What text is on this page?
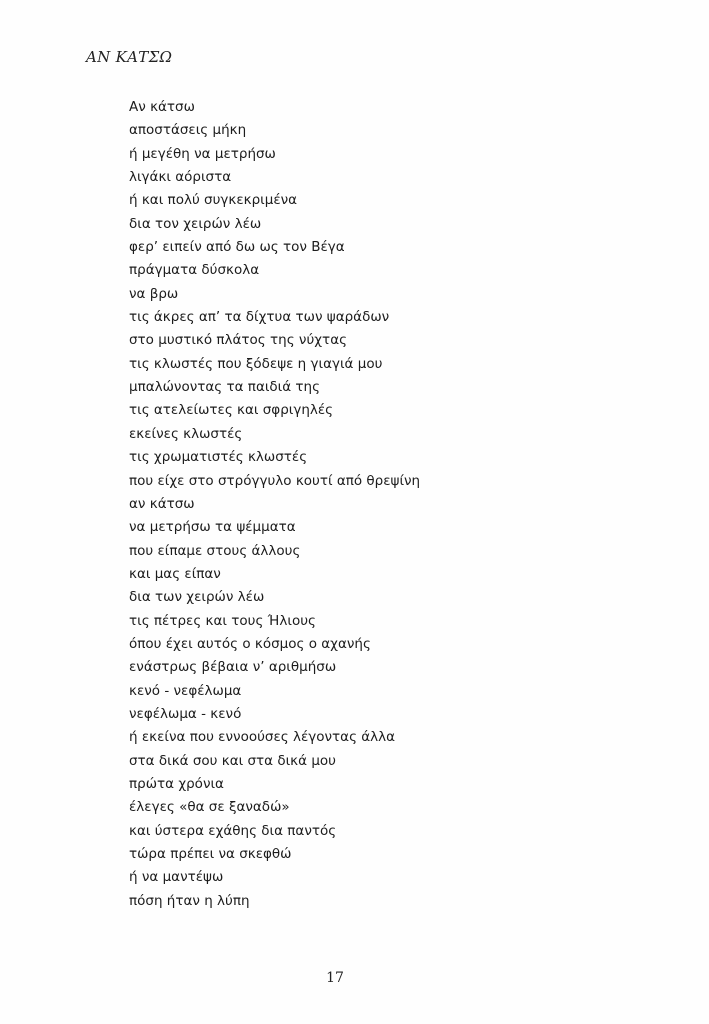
ΑΝ ΚΑΤΣΩ
Αν κάτσω
αποστάσεις μήκη
ή μεγέθη να μετρήσω
λιγάκι αόριστα
ή και πολύ συγκεκριμένα
δια τον χειρών λέω
φερ’ ειπείν από δω ως τον Βέγα
πράγματα δύσκολα
να βρω
τις άκρες απ’ τα δίχτυα των ψαράδων
στο μυστικό πλάτος της νύχτας
τις κλωστές που ξόδεψε η γιαγιά μου
μπαλώνοντας τα παιδιά της
τις ατελείωτες και σφριγηλές
εκείνες κλωστές
τις χρωματιστές κλωστές
που είχε στο στρόγγυλο κουτί από θρεψίνη
αν κάτσω
να μετρήσω τα ψέμματα
που είπαμε στους άλλους
και μας είπαν
δια των χειρών λέω
τις πέτρες και τους Ήλιους
όπου έχει αυτός ο κόσμος ο αχανής
ενάστρως βέβαια ν’ αριθμήσω
κενό - νεφέλωμα
νεφέλωμα - κενό
ή εκείνα που εννοούσες λέγοντας άλλα
στα δικά σου και στα δικά μου
πρώτα χρόνια
έλεγες «θα σε ξαναδώ»
και ύστερα εχάθης δια παντός
τώρα πρέπει να σκεφθώ
ή να μαντέψω
πόση ήταν η λύπη
17
